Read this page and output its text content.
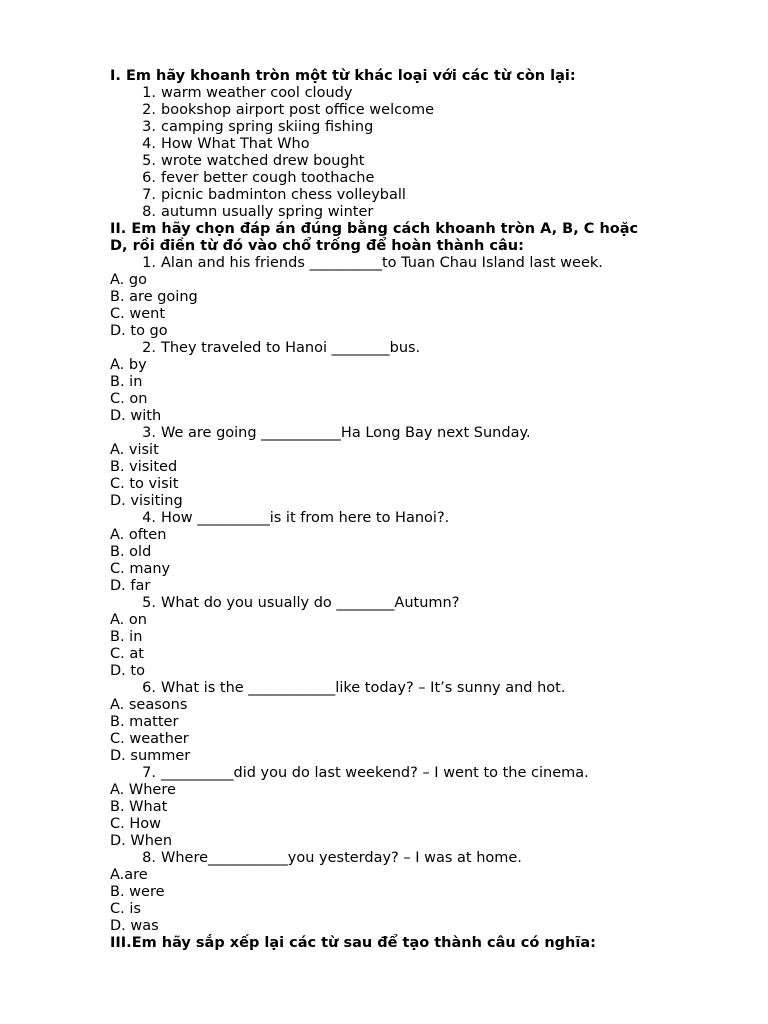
I. Em hãy khoanh tròn một từ khác loại với các từ còn lại:
1. warm weather cool cloudy
2. bookshop airport post office welcome
3. camping spring skiing fishing
4. How What That Who
5. wrote watched drew bought
6. fever better cough toothache
7. picnic badminton chess volleyball
8. autumn usually spring winter
II. Em hãy chọn đáp án đúng bằng cách khoanh tròn A, B, C hoặc
D, rồi điền từ đó vào chổ trống để hoàn thành câu:
1. Alan and his friends __________to Tuan Chau Island last week.
A. go
B. are going
C. went
D. to go
2. They traveled to Hanoi ________bus.
A. by
B. in
C. on
D. with
3. We are going ___________Ha Long Bay next Sunday.
A. visit
B. visited
C. to visit
D. visiting
4. How __________is it from here to Hanoi?.
A. often
B. old
C. many
D. far
5. What do you usually do ________Autumn?
A. on
B. in
C. at
D. to
6. What is the ____________like today? – It’s sunny and hot.
A. seasons
B. matter
C. weather
D. summer
7. __________did you do last weekend? – I went to the cinema.
A. Where
B. What
C. How
D. When
8. Where___________you yesterday? – I was at home.
A.are
B. were
C. is
D. was
III.Em hãy sắp xếp lại các từ sau để tạo thành câu có nghĩa:
